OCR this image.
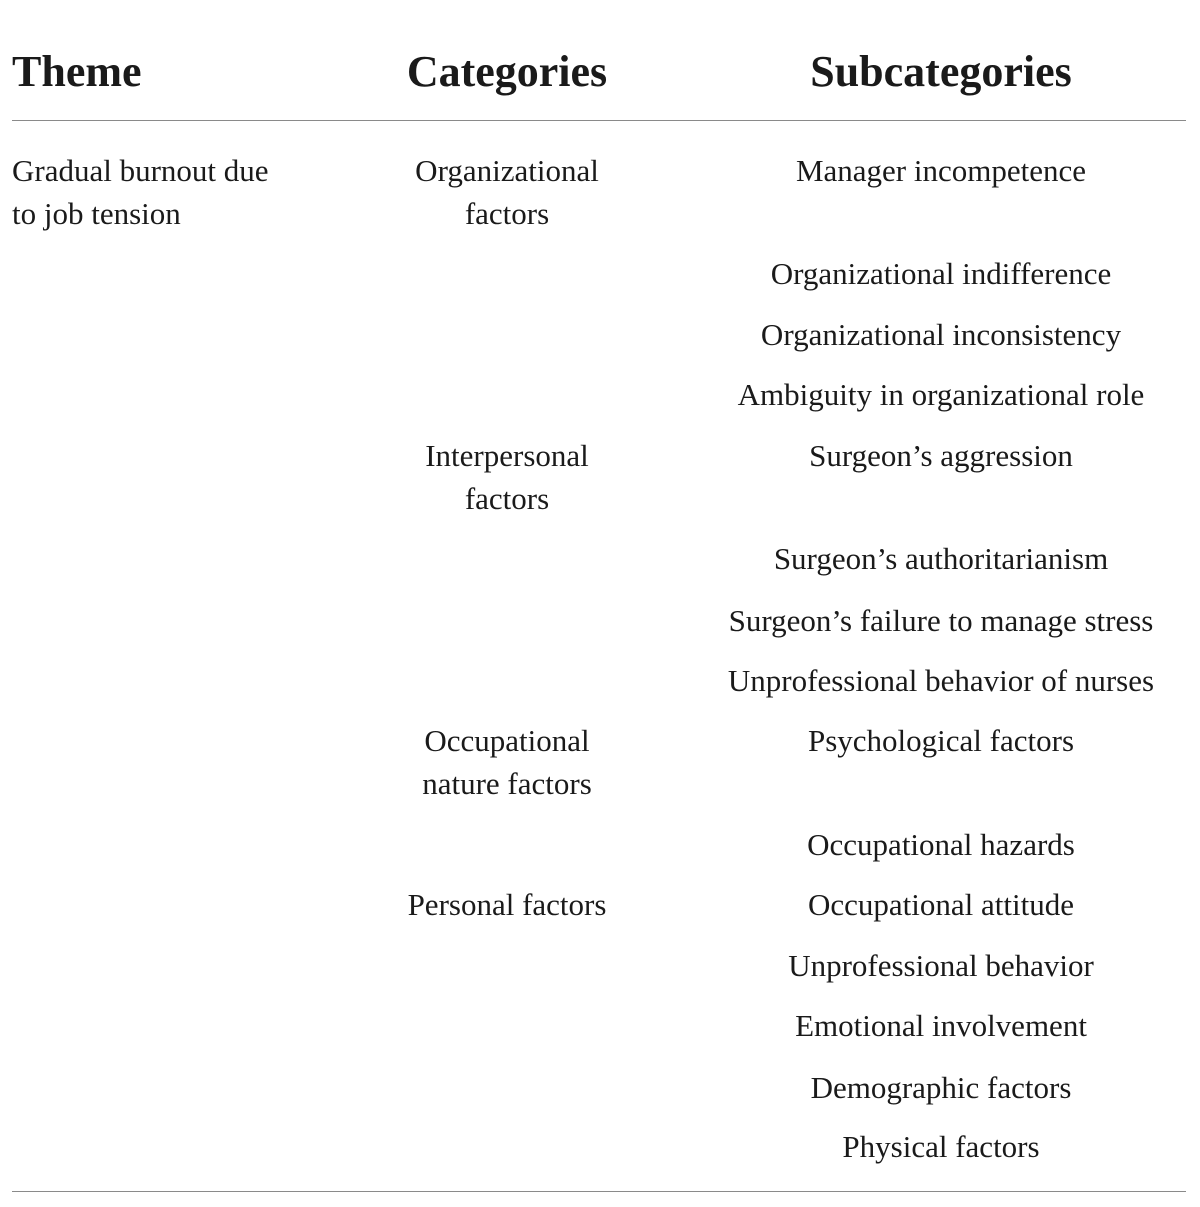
Theme	Categories	Subcategories
Gradual burnout due
to job tension
Organizational
factors
Interpersonal
factors
Occupational
nature factors
Personal factors
Manager incompetence
Organizational indifference
Organizational inconsistency
Ambiguity in organizational role
Surgeon’s aggression
Surgeon’s authoritarianism
Surgeon’s failure to manage stress
Unprofessional behavior of nurses
Psychological factors
Occupational hazards
Occupational attitude
Unprofessional behavior
Emotional involvement
Demographic factors
Physical factors
